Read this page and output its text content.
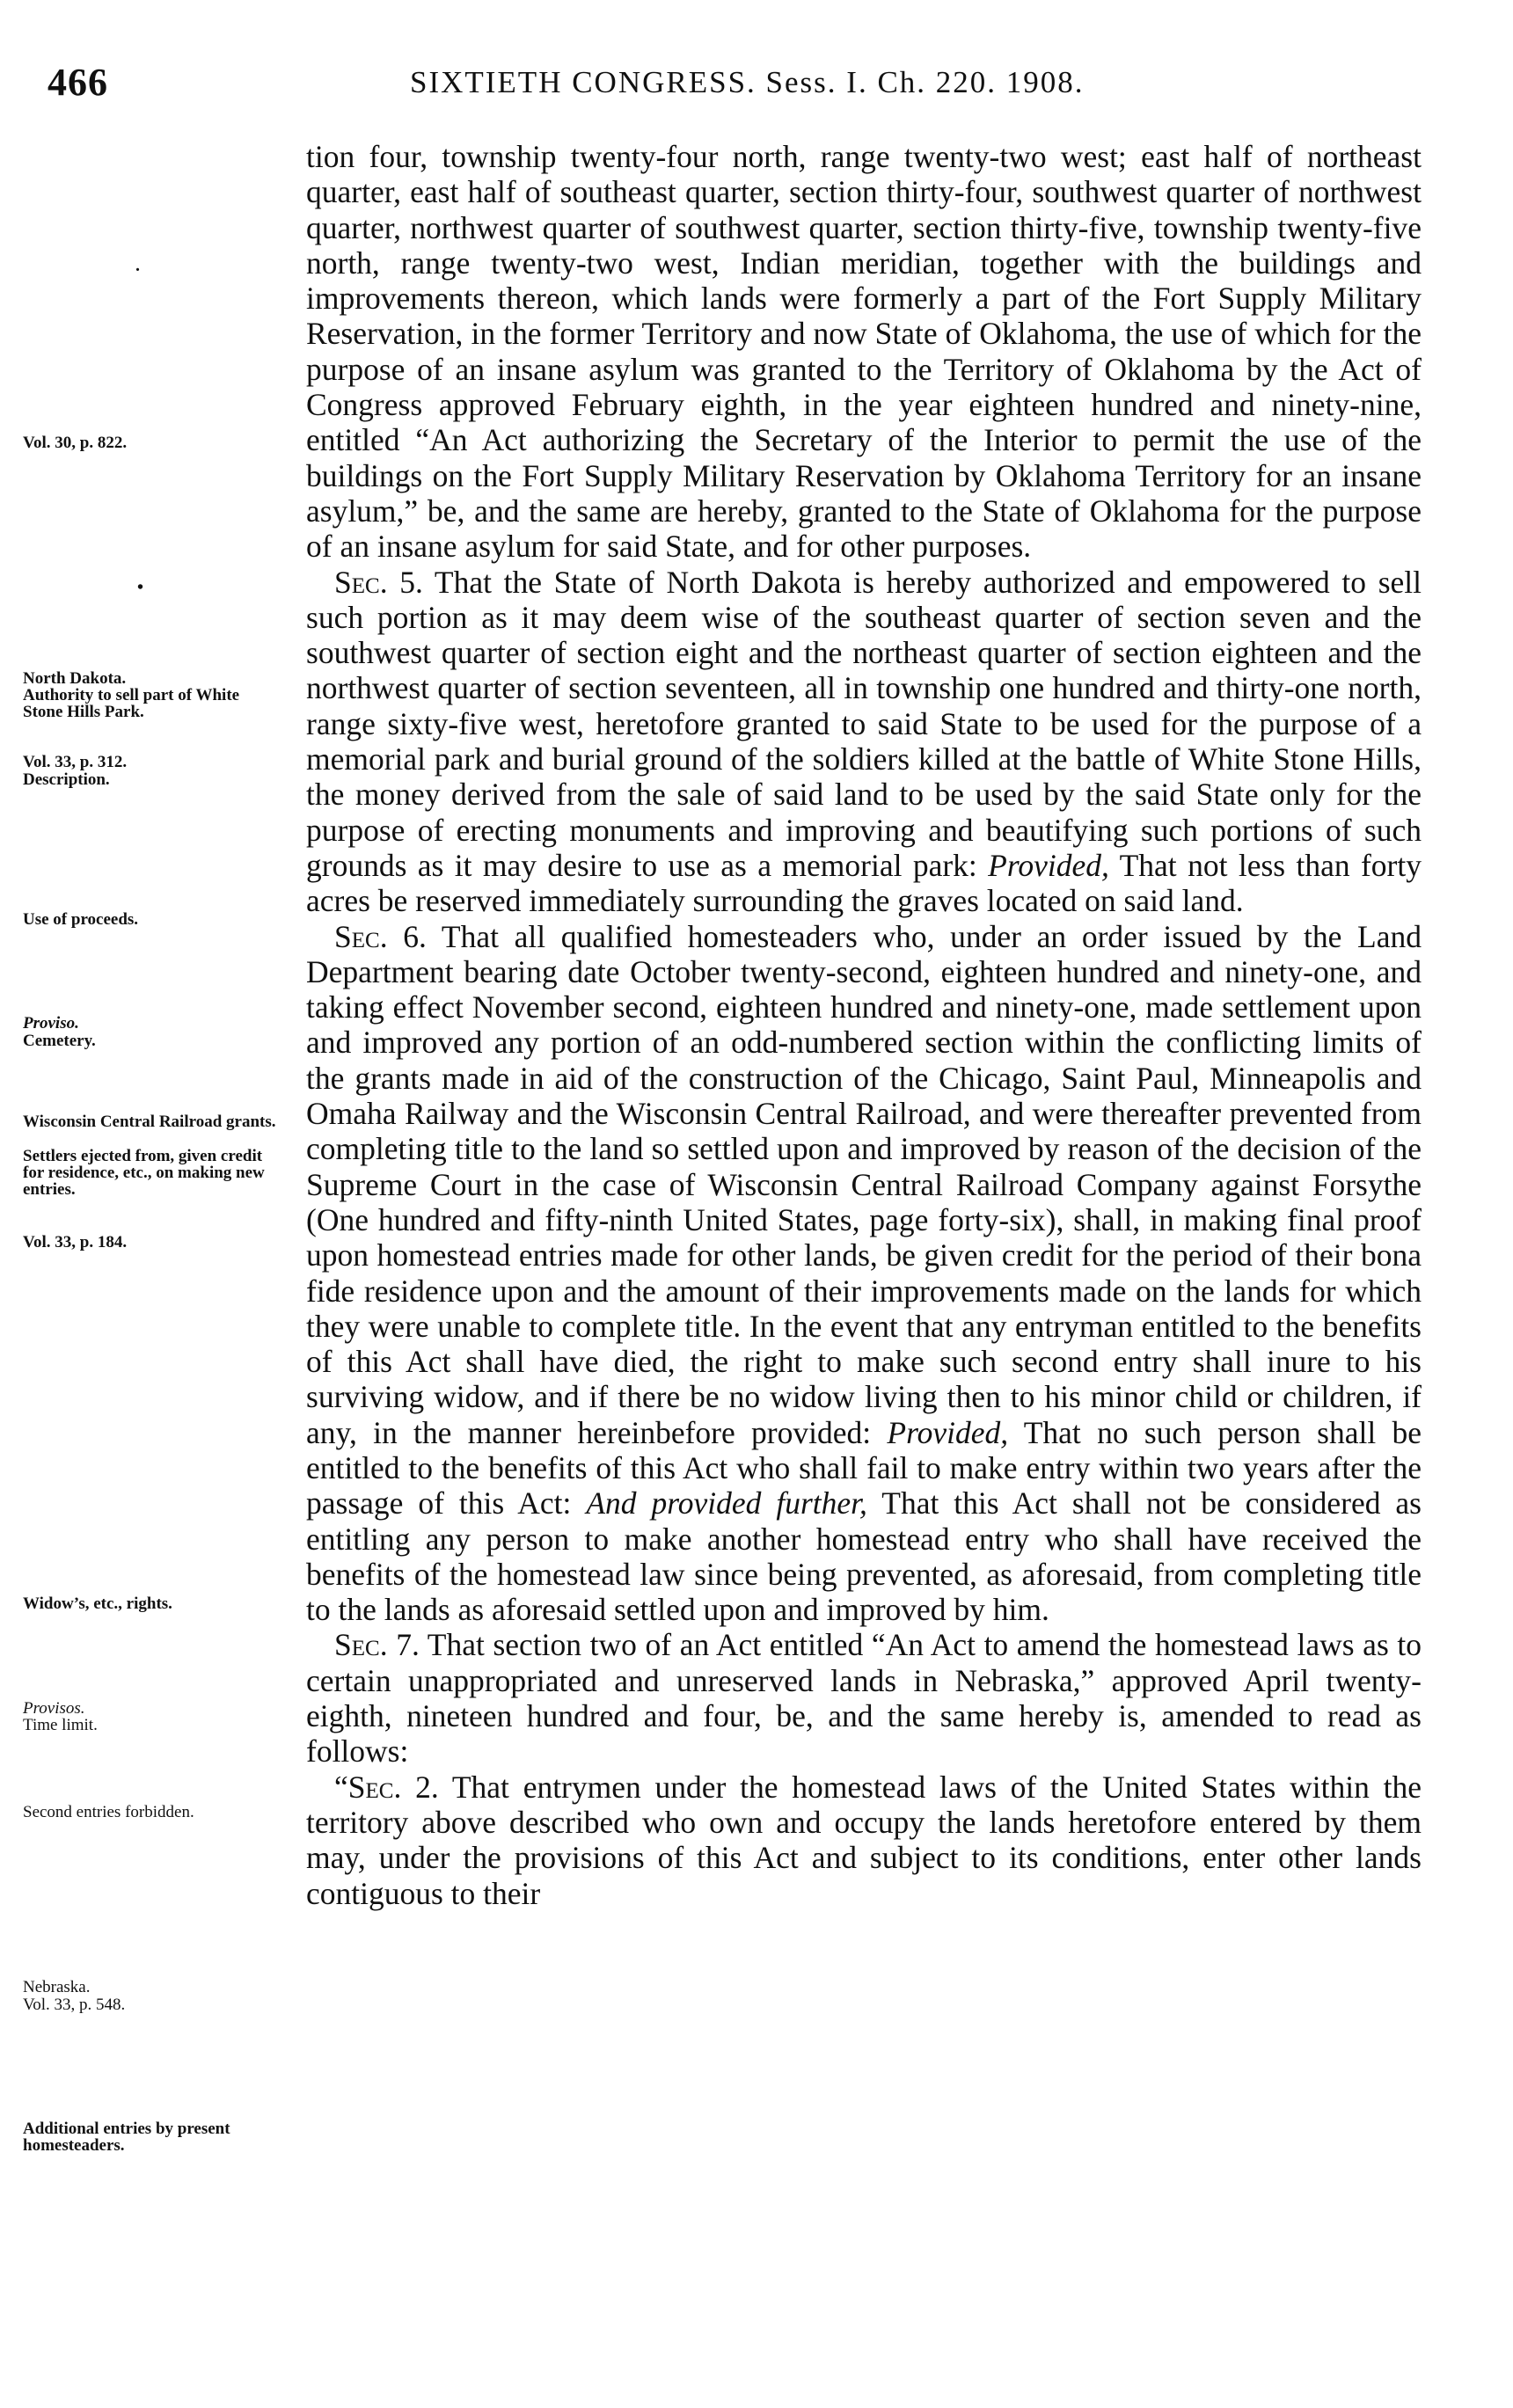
466	SIXTIETH CONGRESS. Sess. I. Ch. 220. 1908.
Vol. 30, p. 822.
.
•
North Dakota.
Authority to sell part of White Stone Hills Park.
Vol. 33, p. 312.
Description.
Use of proceeds.
Proviso.
Cemetery.
Wisconsin Central Railroad grants.
Settlers ejected from, given credit for residence, etc., on making new entries.
Vol. 33, p. 184.
Widow’s, etc., rights.
Provisos.
Time limit.
Second entries forbidden.
Nebraska.
Vol. 33, p. 548.
Additional entries by present homesteaders.

tion four, township twenty-four north, range twenty-two west; east half of northeast quarter, east half of southeast quarter, section thirty-four, southwest quarter of northwest quarter, northwest quarter of southwest quarter, section thirty-five, township twenty-five north, range twenty-two west, Indian meridian, together with the buildings and improvements thereon, which lands were formerly a part of the Fort Supply Military Reservation, in the former Territory and now State of Oklahoma, the use of which for the purpose of an insane asylum was granted to the Territory of Oklahoma by the Act of Congress approved February eighth, in the year eighteen hundred and ninety-nine, entitled “An Act authorizing the Secretary of the Interior to permit the use of the buildings on the Fort Supply Military Reservation by Oklahoma Territory for an insane asylum,” be, and the same are hereby, granted to the State of Oklahoma for the purpose of an insane asylum for said State, and for other purposes.

Sec. 5. That the State of North Dakota is hereby authorized and empowered to sell such portion as it may deem wise of the southeast quarter of section seven and the southwest quarter of section eight and the northeast quarter of section eighteen and the northwest quarter of section seventeen, all in township one hundred and thirty-one north, range sixty-five west, heretofore granted to said State to be used for the purpose of a memorial park and burial ground of the soldiers killed at the battle of White Stone Hills, the money derived from the sale of said land to be used by the said State only for the purpose of erecting monuments and improving and beautifying such portions of such grounds as it may desire to use as a memorial park: Provided, That not less than forty acres be reserved immediately surrounding the graves located on said land.

Sec. 6. That all qualified homesteaders who, under an order issued by the Land Department bearing date October twenty-second, eighteen hundred and ninety-one, and taking effect November second, eighteen hundred and ninety-one, made settlement upon and improved any portion of an odd-numbered section within the conflicting limits of the grants made in aid of the construction of the Chicago, Saint Paul, Minneapolis and Omaha Railway and the Wisconsin Central Railroad, and were thereafter prevented from completing title to the land so settled upon and improved by reason of the decision of the Supreme Court in the case of Wisconsin Central Railroad Company against Forsythe (One hundred and fifty-ninth United States, page forty-six), shall, in making final proof upon homestead entries made for other lands, be given credit for the period of their bona fide residence upon and the amount of their improvements made on the lands for which they were unable to complete title. In the event that any entryman entitled to the benefits of this Act shall have died, the right to make such second entry shall inure to his surviving widow, and if there be no widow living then to his minor child or children, if any, in the manner hereinbefore provided: Provided, That no such person shall be entitled to the benefits of this Act who shall fail to make entry within two years after the passage of this Act: And provided further, That this Act shall not be considered as entitling any person to make another homestead entry who shall have received the benefits of the homestead law since being prevented, as aforesaid, from completing title to the lands as aforesaid settled upon and improved by him.

Sec. 7. That section two of an Act entitled “An Act to amend the homestead laws as to certain unappropriated and unreserved lands in Nebraska,” approved April twenty-eighth, nineteen hundred and four, be, and the same hereby is, amended to read as follows:

“Sec. 2. That entrymen under the homestead laws of the United States within the territory above described who own and occupy the lands heretofore entered by them may, under the provisions of this Act and subject to its conditions, enter other lands contiguous to their
